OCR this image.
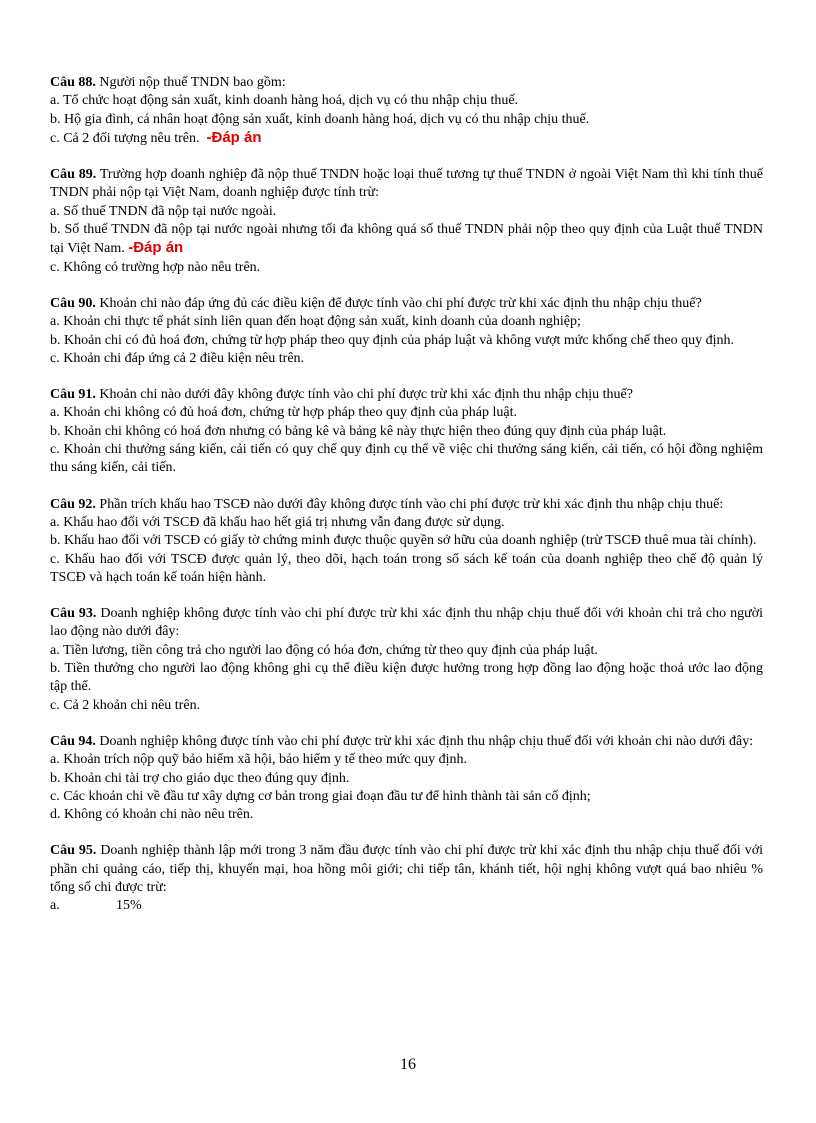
Câu 88. Người nộp thuế TNDN bao gồm:

a. Tổ chức hoạt động sản xuất, kinh doanh hàng hoá, dịch vụ có thu nhập chịu thuế.

b. Hộ gia đình, cá nhân hoạt động sản xuất, kinh doanh hàng hoá, dịch vụ có thu nhập chịu thuế.

c. Cả 2 đối tượng nêu trên. -Đáp án

Câu 89. Trường hợp doanh nghiệp đã nộp thuế TNDN hoặc loại thuế tương tự thuế TNDN ở ngoài Việt Nam thì khi tính thuế TNDN phải nộp tại Việt Nam, doanh nghiệp được tính trừ:

a. Số thuế TNDN đã nộp tại nước ngoài.

b. Số thuế TNDN đã nộp tại nước ngoài nhưng tối đa không quá số thuế TNDN phải nộp theo quy định của Luật thuế TNDN tại Việt Nam. -Đáp án

c. Không có trường hợp nào nêu trên.

Câu 90. Khoản chi nào đáp ứng đủ các điều kiện để được tính vào chi phí được trừ khi xác định thu nhập chịu thuế?

a. Khoản chi thực tế phát sinh liên quan đến hoạt động sản xuất, kinh doanh của doanh nghiệp;

b. Khoản chi có đủ hoá đơn, chứng từ hợp pháp theo quy định của pháp luật và không vượt mức khống chế theo quy định.

c. Khoản chi đáp ứng cả 2 điều kiện nêu trên.

Câu 91. Khoản chi nào dưới đây không được tính vào chi phí được trừ khi xác định thu nhập chịu thuế?

a. Khoản chi không có đủ hoá đơn, chứng từ hợp pháp theo quy định của pháp luật.

b. Khoản chi không có hoá đơn nhưng có bảng kê và bảng kê này thực hiện theo đúng quy định của pháp luật.

c. Khoản chi thưởng sáng kiến, cải tiến có quy chế quy định cụ thể về việc chi thưởng sáng kiến, cải tiến, có hội đồng nghiệm thu sáng kiến, cải tiến.

Câu 92. Phần trích khấu hao TSCĐ nào dưới đây không được tính vào chi phí được trừ khi xác định thu nhập chịu thuế:

a. Khấu hao đối với TSCĐ đã khấu hao hết giá trị nhưng vẫn đang được sử dụng.

b. Khấu hao đối với TSCĐ có giấy tờ chứng minh được thuộc quyền sở hữu của doanh nghiệp (trừ TSCĐ thuê mua tài chính).

c. Khấu hao đối với TSCĐ được quản lý, theo dõi, hạch toán trong sổ sách kế toán của doanh nghiệp theo chế độ quản lý TSCĐ và hạch toán kế toán hiện hành.

Câu 93. Doanh nghiệp không được tính vào chi phí được trừ khi xác định thu nhập chịu thuế đối với khoản chi trả cho người lao động nào dưới đây:

a. Tiền lương, tiền công trả cho người lao động có hóa đơn, chứng từ theo quy định của pháp luật.

b. Tiền thưởng cho người lao động không ghi cụ thể điều kiện được hưởng trong hợp đồng lao động hoặc thoả ước lao động tập thể.

c. Cả 2 khoản chi nêu trên.

Câu 94. Doanh nghiệp không được tính vào chi phí được trừ khi xác định thu nhập chịu thuế đối với khoản chi nào dưới đây:

a. Khoản trích nộp quỹ bảo hiểm xã hội, bảo hiểm y tế theo mức quy định.

b. Khoản chi tài trợ cho giáo dục theo đúng quy định.

c. Các khoản chi về đầu tư xây dựng cơ bản trong giai đoạn đầu tư để hình thành tài sản cố định;

d. Không có khoản chi nào nêu trên.

Câu 95. Doanh nghiệp thành lập mới trong 3 năm đầu được tính vào chi phí được trừ khi xác định thu nhập chịu thuế đối với phần chi quảng cáo, tiếp thị, khuyến mại, hoa hồng môi giới; chi tiếp tân, khánh tiết, hội nghị không vượt quá bao nhiêu % tổng số chi được trừ:

a.	15%

16
